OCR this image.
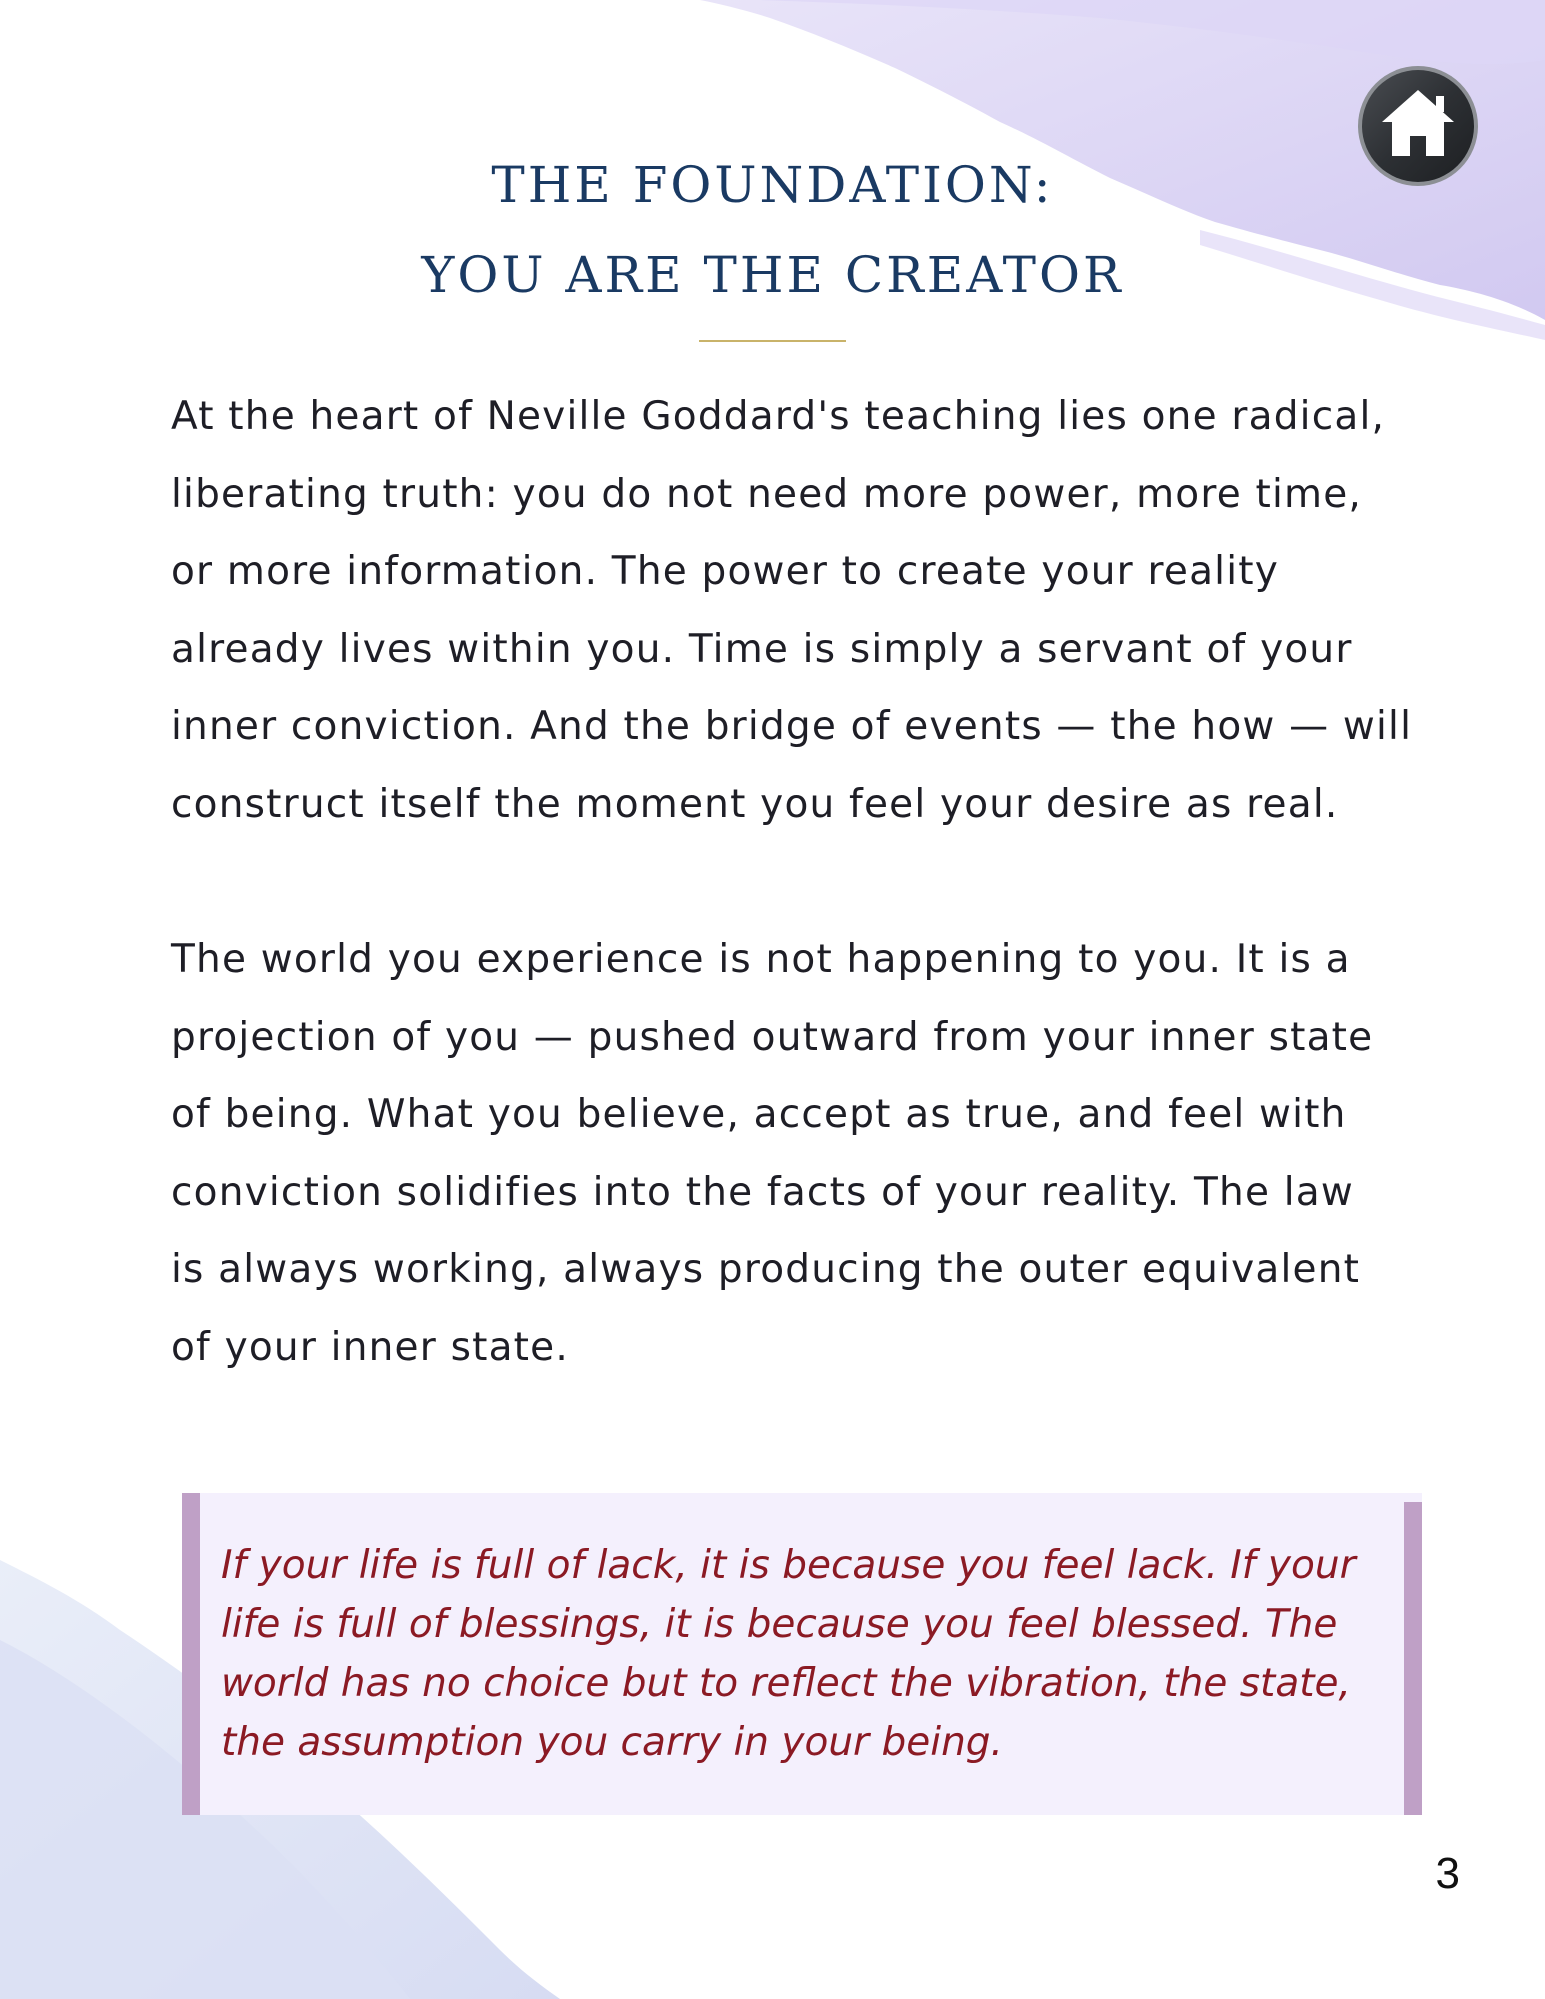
THE FOUNDATION:
YOU ARE THE CREATOR

At the heart of Neville Goddard's teaching lies one radical,
liberating truth: you do not need more power, more time,
or more information. The power to create your reality
already lives within you. Time is simply a servant of your
inner conviction. And the bridge of events — the how — will
construct itself the moment you feel your desire as real.

The world you experience is not happening to you. It is a
projection of you — pushed outward from your inner state
of being. What you believe, accept as true, and feel with
conviction solidifies into the facts of your reality. The law
is always working, always producing the outer equivalent
of your inner state.

If your life is full of lack, it is because you feel lack. If your
life is full of blessings, it is because you feel blessed. The
world has no choice but to reflect the vibration, the state,
the assumption you carry in your being.
3
